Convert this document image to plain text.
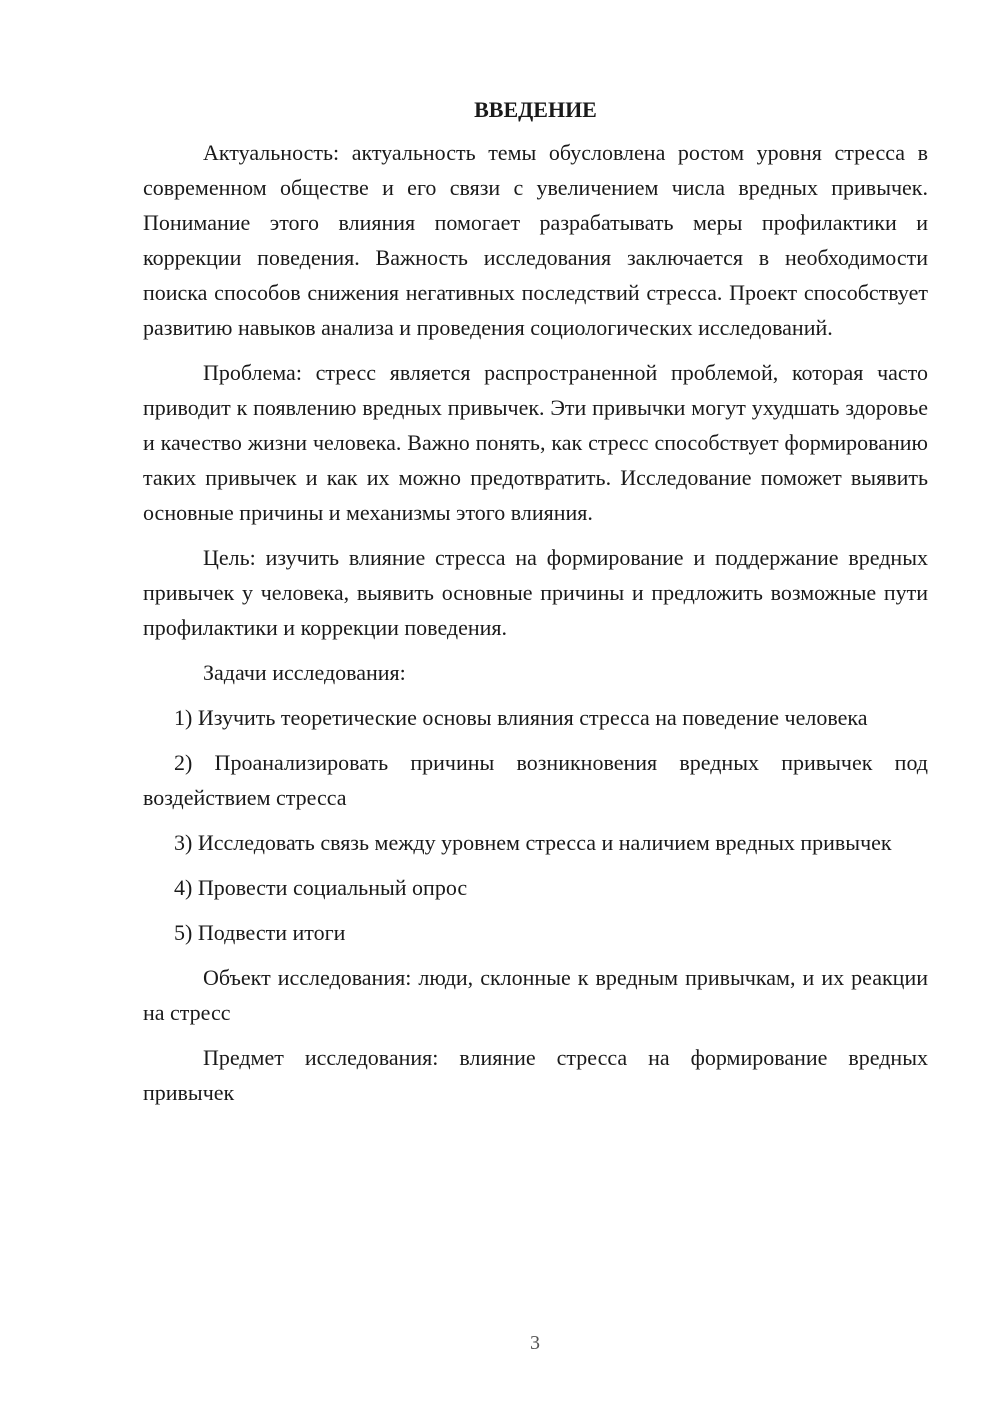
ВВЕДЕНИЕ

Актуальность: актуальность темы обусловлена ростом уровня стресса в современном обществе и его связи с увеличением числа вредных привычек. Понимание этого влияния помогает разрабатывать меры профилактики и коррекции поведения. Важность исследования заключается в необходимости поиска способов снижения негативных последствий стресса. Проект способствует развитию навыков анализа и проведения социологических исследований.

Проблема: стресс является распространенной проблемой, которая часто приводит к появлению вредных привычек. Эти привычки могут ухудшать здоровье и качество жизни человека. Важно понять, как стресс способствует формированию таких привычек и как их можно предотвратить. Исследование поможет выявить основные причины и механизмы этого влияния.

Цель: изучить влияние стресса на формирование и поддержание вредных привычек у человека, выявить основные причины и предложить возможные пути профилактики и коррекции поведения.

Задачи исследования:

1) Изучить теоретические основы влияния стресса на поведение человека

2) Проанализировать причины возникновения вредных привычек под воздействием стресса

3) Исследовать связь между уровнем стресса и наличием вредных привычек

4) Провести социальный опрос

5) Подвести итоги

Объект исследования: люди, склонные к вредным привычкам, и их реакции на стресс

Предмет исследования: влияние стресса на формирование вредных привычек

3
